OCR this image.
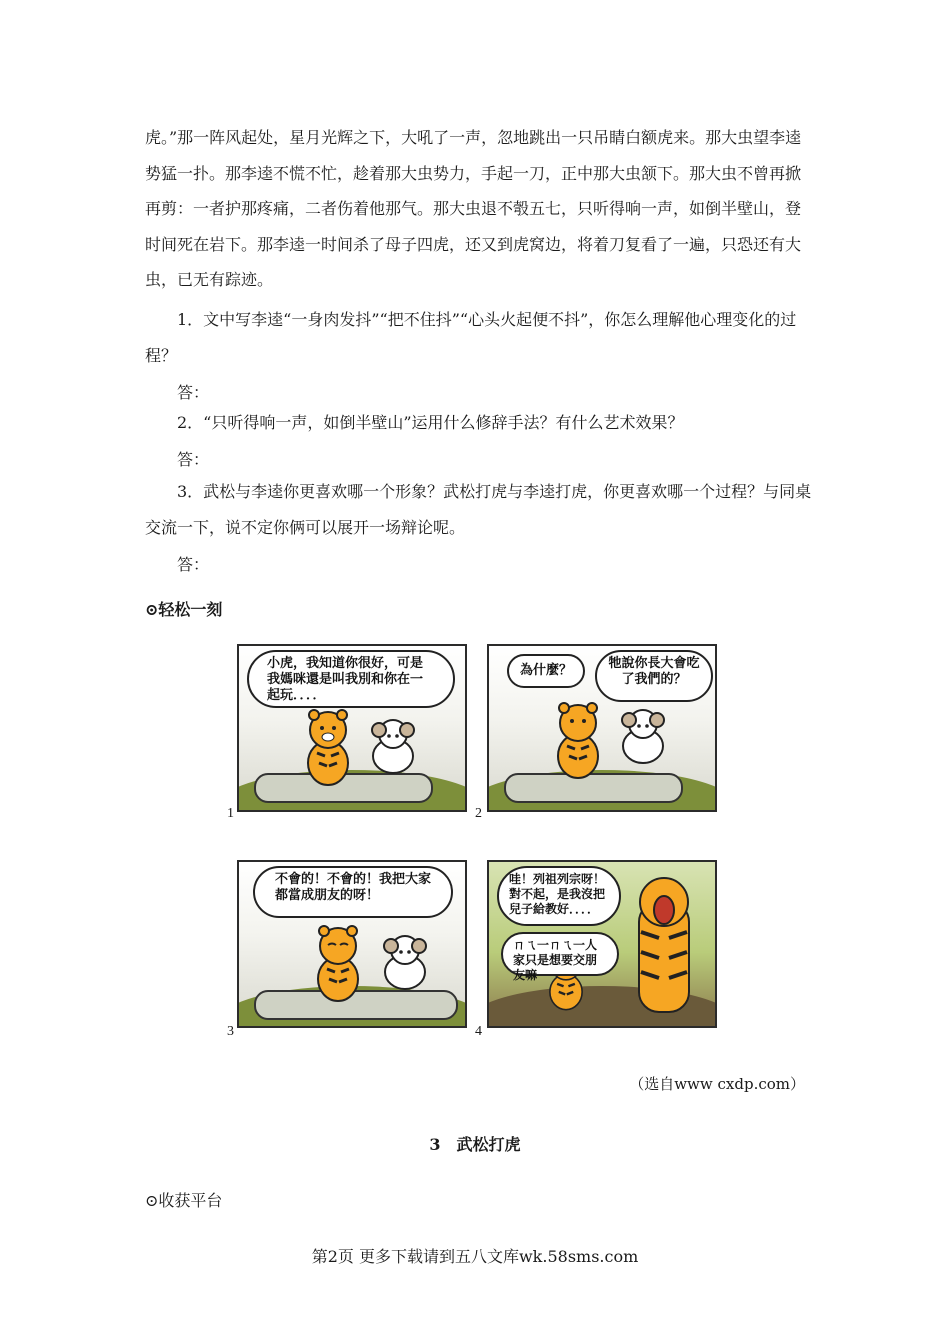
虎。”那一阵风起处，星月光辉之下，大吼了一声，忽地跳出一只吊睛白额虎来。那大虫望李逵势猛一扑。那李逵不慌不忙，趁着那大虫势力，手起一刀，正中那大虫颔下。那大虫不曾再掀再剪：一者护那疼痛，二者伤着他那气。那大虫退不彀五七，只听得响一声，如倒半壁山，登时间死在岩下。那李逵一时间杀了母子四虎，还又到虎窝边，将着刀复看了一遍，只恐还有大虫，已无有踪迹。

1．文中写李逵“一身肉发抖”“把不住抖”“心头火起便不抖”，你怎么理解他心理变化的过程？

答：

2．“只听得响一声，如倒半壁山”运用什么修辞手法？有什么艺术效果？

答：

3．武松与李逵你更喜欢哪一个形象？武松打虎与李逵打虎，你更喜欢哪一个过程？与同桌交流一下，说不定你俩可以展开一场辩论呢。

答：
⊙轻松一刻
小虎，我知道你很好，可是我媽咪還是叫我別和你在一起玩．．．．
1
為什麼？	牠說你長大會吃了我們的？
2
不會的！不會的！我把大家都當成朋友的呀！
3
哇！列祖列宗呀！對不起，是我沒把兒子給教好．．．．
ㄇㄟ一ㄇㄟ一人家只是想要交朋友嘛
4
（选自www cxdp.com）
3　武松打虎
⊙收获平台
第2页 更多下载请到五八文库wk.58sms.com
